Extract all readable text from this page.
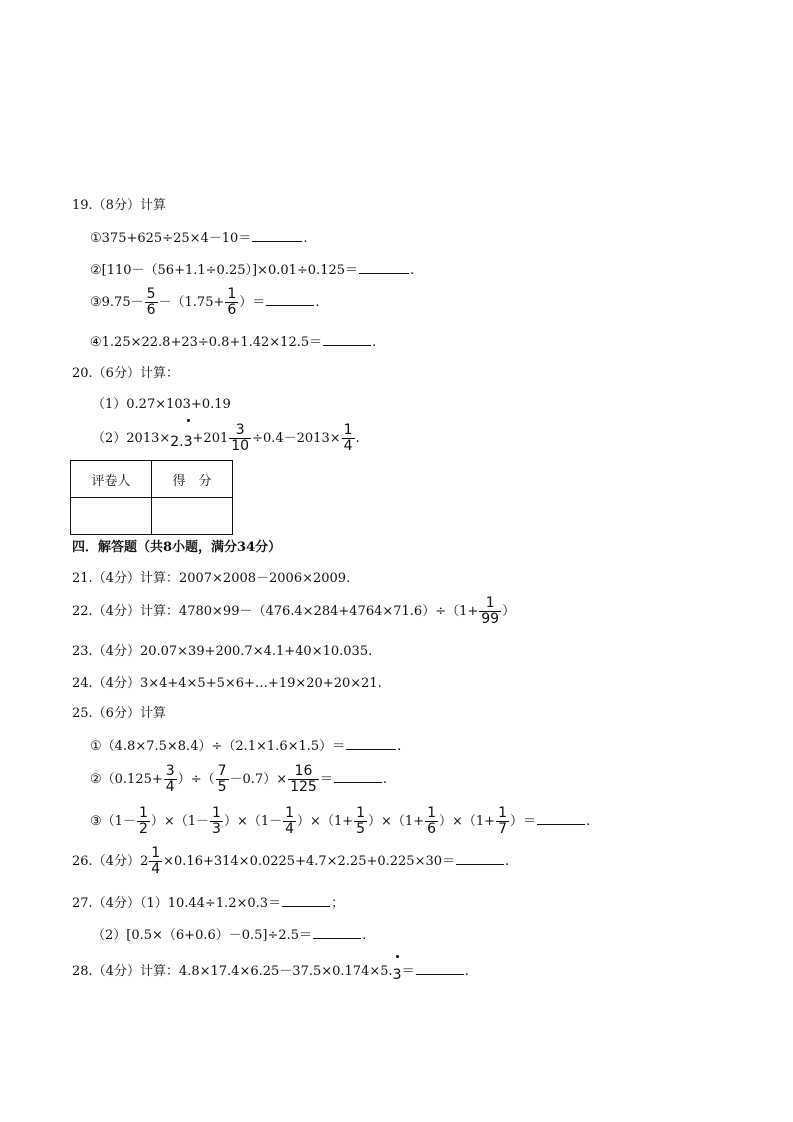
19.（8分）计算
①375+625÷25×4－10＝	.
②[110－（56+1.1÷0.25）]×0.01÷0.125＝	.
③9.75－ $\frac{5}{6} -(1.75+ \frac{1}{6}$ ）＝	.
④1.25×22.8+23÷0.8+1.42×12.5＝	.
20.（6分）计算：
（1）0.27×103+0.19
$(2)2013\times 2.3+201 \frac{3}{10} \div 0.4-2013\times \frac{1}{4}$ .
评卷人	得　分

四．解答题（共8小题，满分34分）
21.（4分）计算：2007×2008－2006×2009.
22.（4分）计算：$4780\times 99-(476.4\times 284+4764\times 71.6)\div(1+ \frac{1}{99}$ ）
23.（4分）20.07×39+200.7×4.1+40×10.035.
24.（4分）3×4+4×5+5×6+…+19×20+20×21.
25.（6分）计算
①（4.8×7.5×8.4）÷（2.1×1.6×1.5）＝	.
②（0.125+ $\frac{3}{4}$ ）÷（ $\frac{7}{5} -0.7)\times \frac{16}{125}$ ＝	.
③（1－ $\frac{1}{2} )\times(1- \frac{1}{3} )\times(1- \frac{1}{4} )\times(1+ \frac{1}{5} )\times(1+ \frac{1}{6} )\times(1+ \frac{1}{7}$ ）＝	.
26.（4分）$2 \frac{1}{4} \times 0.16+314\times 0.0225+4.7\times 2.25+0.225\times 30=$	.
27.（4分）（1）10.44÷1.2×0.3＝	；
（2）[0.5×（6+0.6）－0.5]÷2.5＝	.
28.（4分）计算：4.8×17.4×6.25－37.5×0.174×5.3＝	.
